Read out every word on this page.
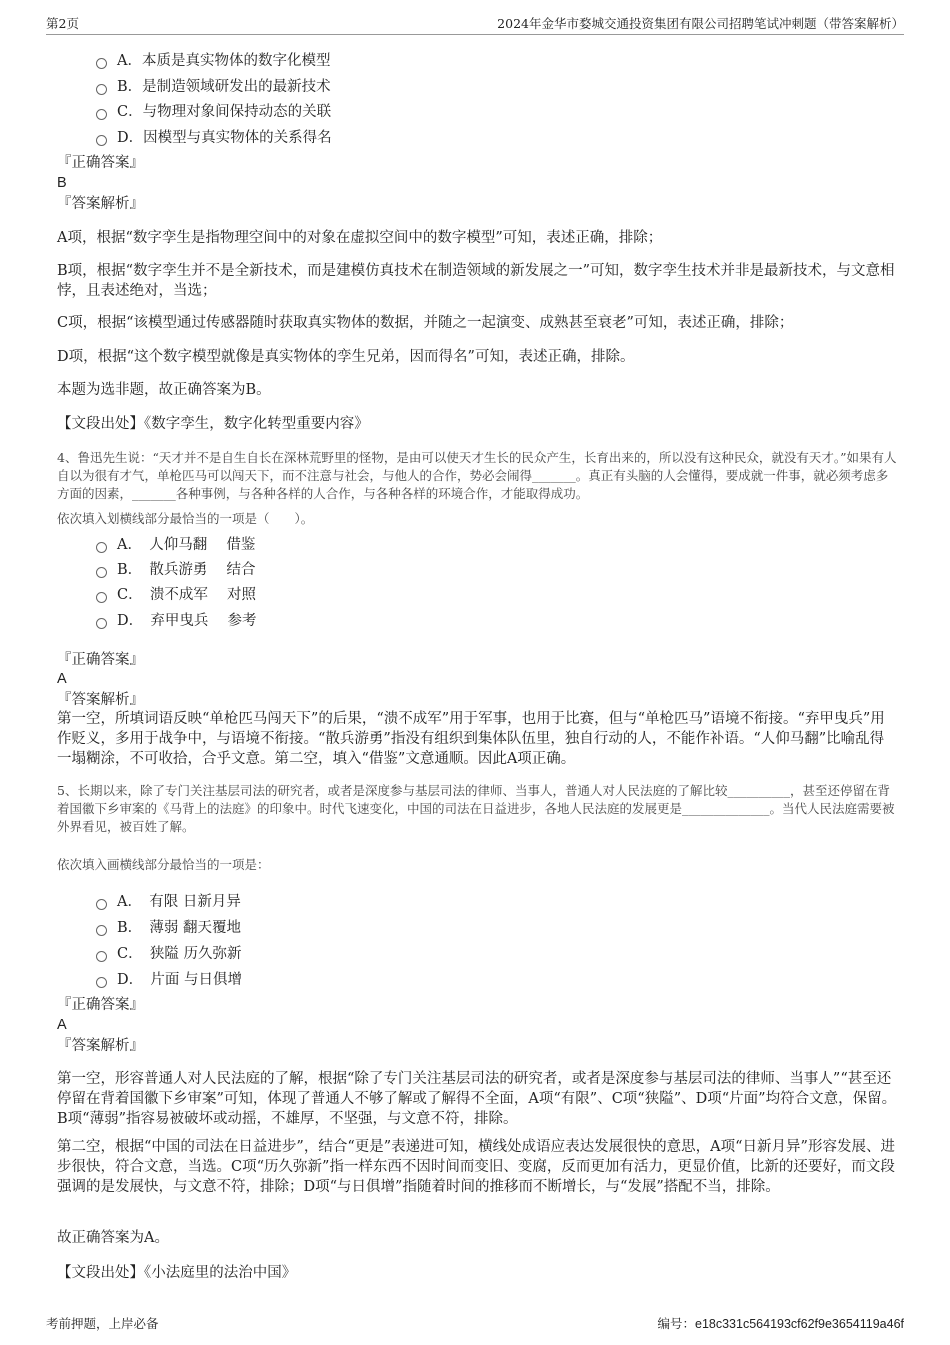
第2页	2024年金华市婺城交通投资集团有限公司招聘笔试冲刺题（带答案解析）
A．本质是真实物体的数字化模型
B．是制造领域研发出的最新技术
C．与物理对象间保持动态的关联
D．因模型与真实物体的关系得名
『正确答案』
B
『答案解析』
A项，根据“数字孪生是指物理空间中的对象在虚拟空间中的数字模型”可知，表述正确，排除；
B项，根据“数字孪生并不是全新技术，而是建模仿真技术在制造领域的新发展之一”可知，数字孪生技术并非是最新技术，与文意相悖，且表述绝对，当选；
C项，根据“该模型通过传感器随时获取真实物体的数据，并随之一起演变、成熟甚至衰老”可知，表述正确，排除；
D项，根据“这个数字模型就像是真实物体的孪生兄弟，因而得名”可知，表述正确，排除。
本题为选非题，故正确答案为B。
【文段出处】《数字孪生，数字化转型重要内容》
4、鲁迅先生说：“天才并不是自生自长在深林荒野里的怪物，是由可以使天才生长的民众产生，长育出来的，所以没有这种民众，就没有天才。”如果有人自以为很有才气，单枪匹马可以闯天下，而不注意与社会，与他人的合作，势必会闹得_______。真正有头脑的人会懂得，要成就一件事，就必须考虑多方面的因素，_______各种事例，与各种各样的人合作，与各种各样的环境合作，才能取得成功。
依次填入划横线部分最恰当的一项是（　　）。
A．　人仰马翻　 借鉴
B．　散兵游勇　 结合
C．　溃不成军　 对照
D．　弃甲曳兵　 参考
『正确答案』
A
『答案解析』
第一空，所填词语反映“单枪匹马闯天下”的后果，“溃不成军”用于军事，也用于比赛，但与“单枪匹马”语境不衔接。“弃甲曳兵”用作贬义，多用于战争中，与语境不衔接。“散兵游勇”指没有组织到集体队伍里，独自行动的人，不能作补语。“人仰马翻”比喻乱得一塌糊涂，不可收拾，合乎文意。第二空，填入“借鉴”文意通顺。因此A项正确。
5、长期以来，除了专门关注基层司法的研究者，或者是深度参与基层司法的律师、当事人，普通人对人民法庭的了解比较__________，甚至还停留在背着国徽下乡审案的《马背上的法庭》的印象中。时代飞速变化，中国的司法在日益进步，各地人民法庭的发展更是______________。当代人民法庭需要被外界看见，被百姓了解。
依次填入画横线部分最恰当的一项是：
A．　有限 日新月异
B．　薄弱 翻天覆地
C．　狭隘 历久弥新
D．　片面 与日俱增
『正确答案』
A
『答案解析』
第一空，形容普通人对人民法庭的了解，根据“除了专门关注基层司法的研究者，或者是深度参与基层司法的律师、当事人”“甚至还停留在背着国徽下乡审案”可知，体现了普通人不够了解或了解得不全面，A项“有限”、C项“狭隘”、D项“片面”均符合文意，保留。B项“薄弱”指容易被破坏或动摇，不雄厚，不坚强，与文意不符，排除。
第二空，根据“中国的司法在日益进步”，结合“更是”表递进可知，横线处成语应表达发展很快的意思，A项“日新月异”形容发展、进步很快，符合文意，当选。C项“历久弥新”指一样东西不因时间而变旧、变腐，反而更加有活力，更显价值，比新的还要好，而文段强调的是发展快，与文意不符，排除；D项“与日俱增”指随着时间的推移而不断增长，与“发展”搭配不当，排除。
故正确答案为A。
【文段出处】《小法庭里的法治中国》
考前押题，上岸必备	编号：e18c331c564193cf62f9e3654119a46f
